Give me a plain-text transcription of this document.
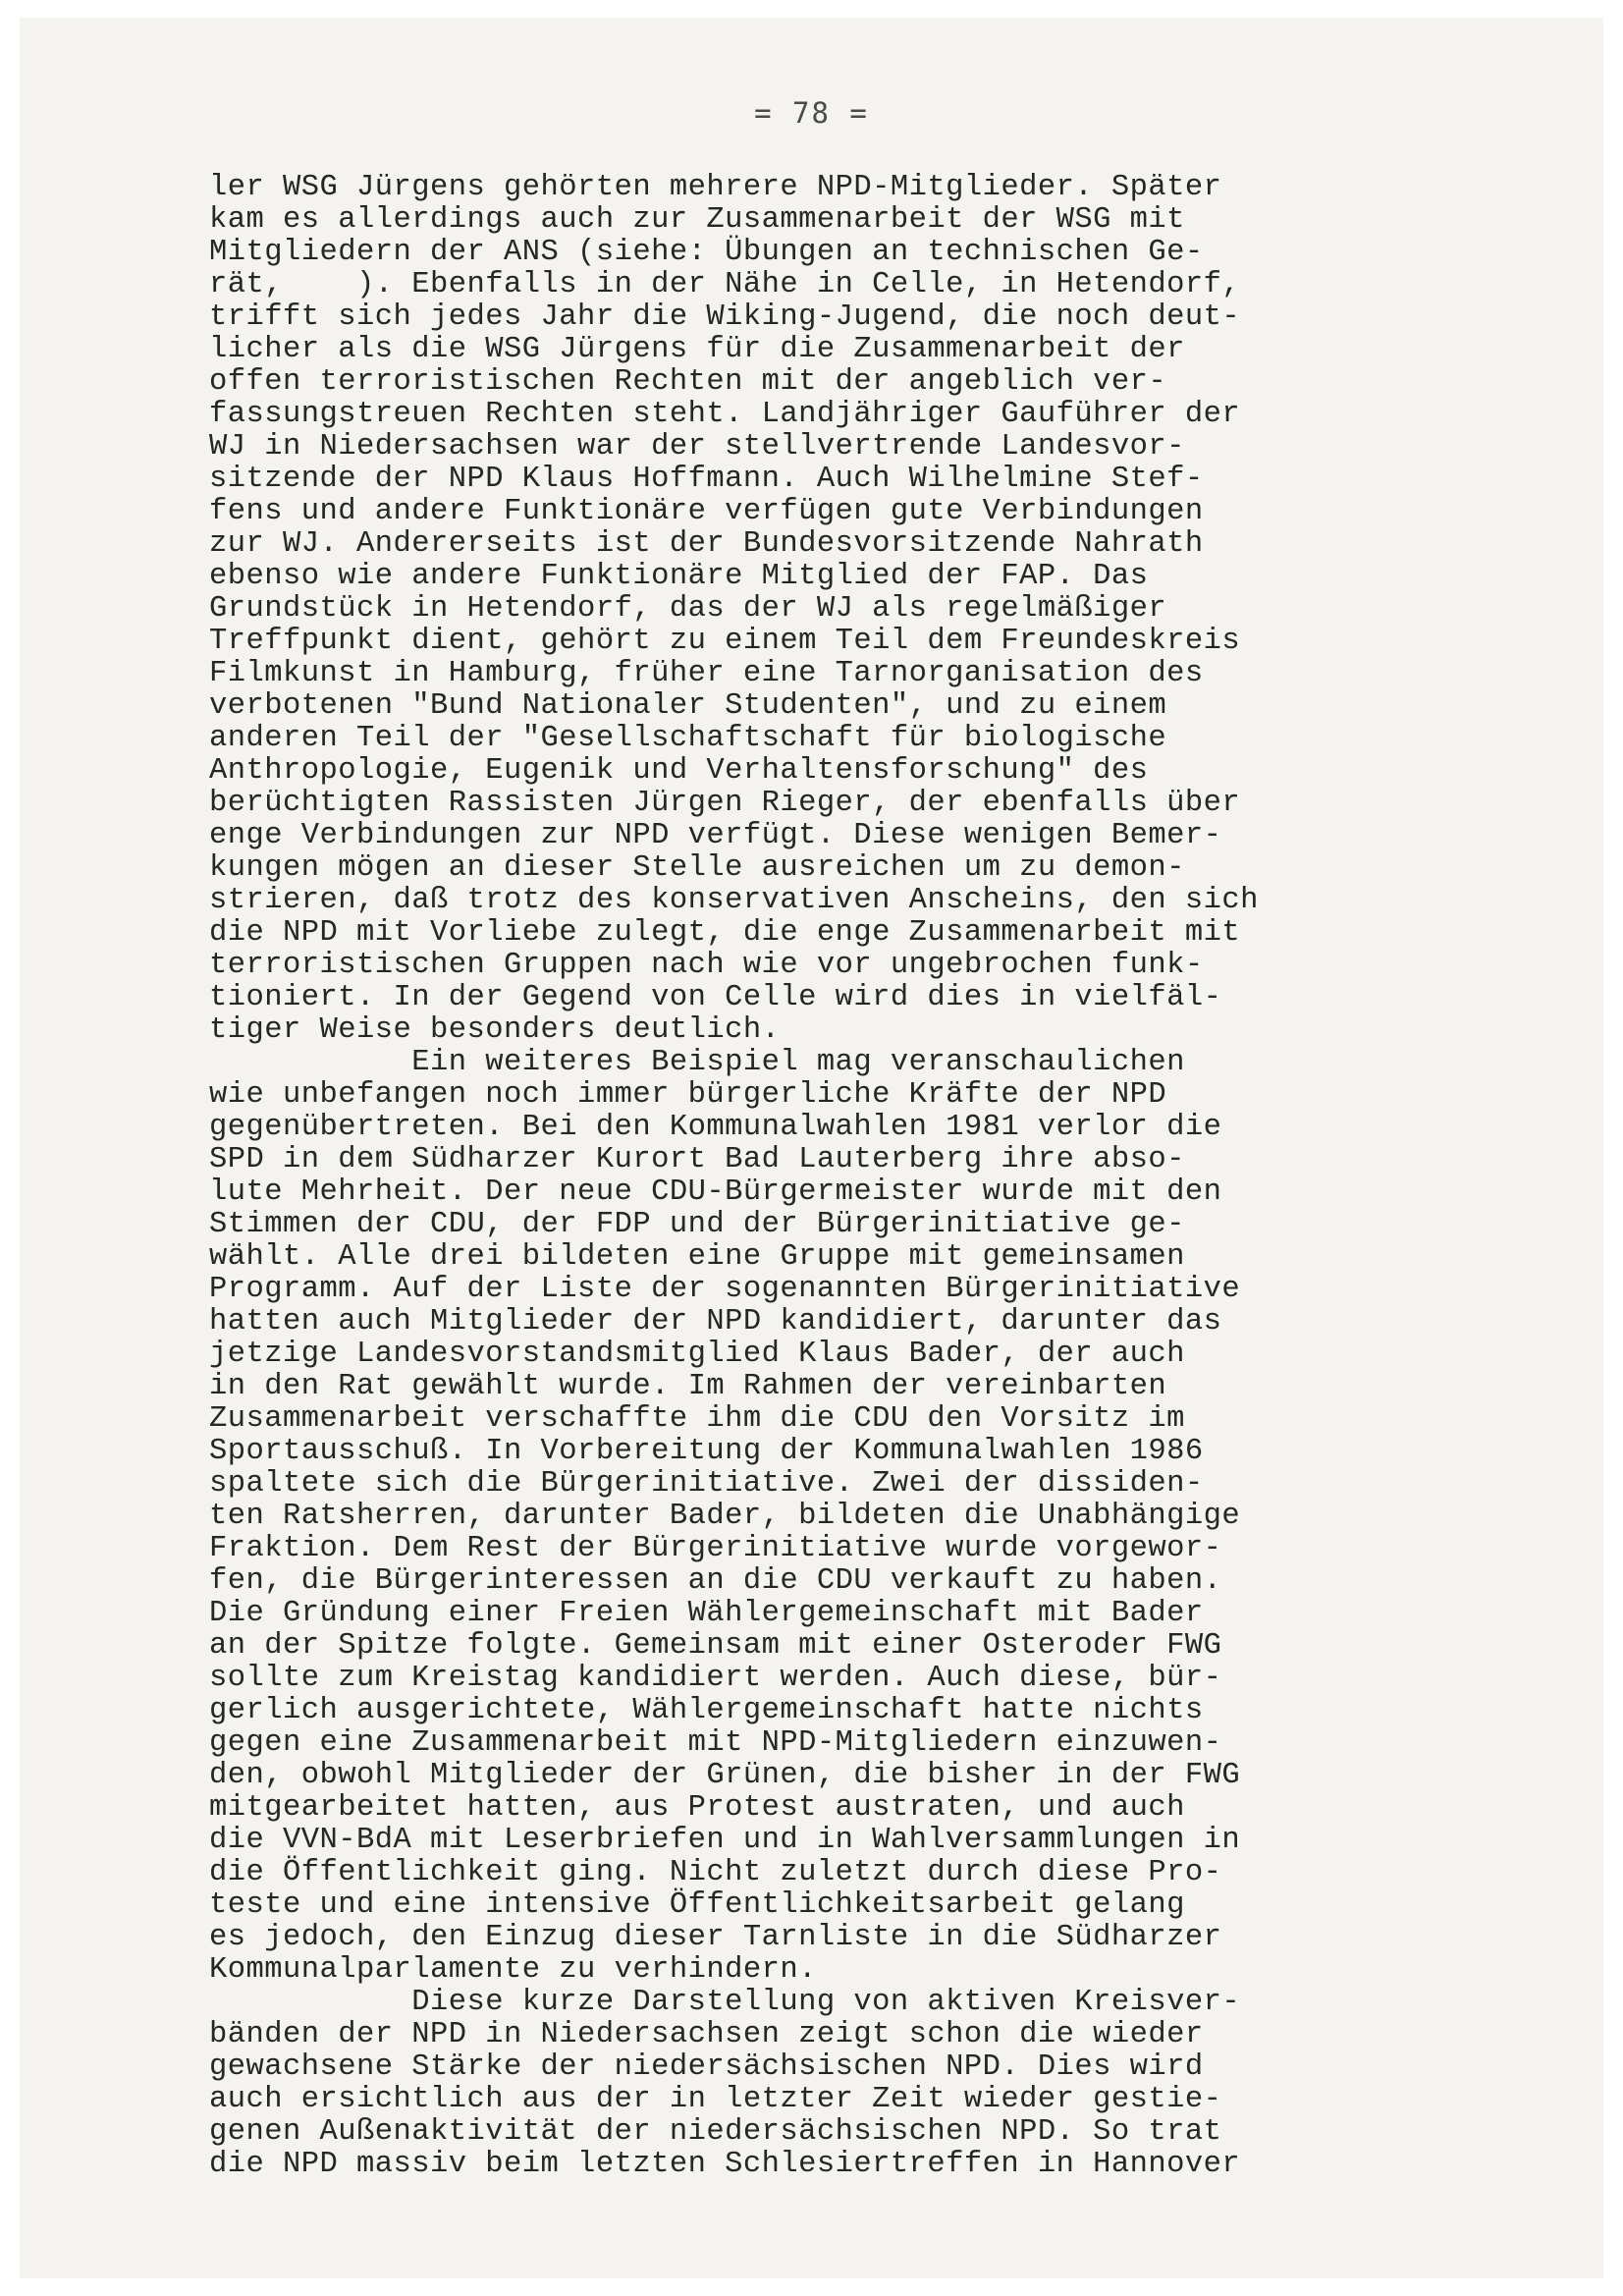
= 78 =
ler WSG Jürgens gehörten mehrere NPD-Mitglieder. Später
kam es allerdings auch zur Zusammenarbeit der WSG mit
Mitgliedern der ANS (siehe: Übungen an technischen Ge-
rät,    ). Ebenfalls in der Nähe in Celle, in Hetendorf,
trifft sich jedes Jahr die Wiking-Jugend, die noch deut-
licher als die WSG Jürgens für die Zusammenarbeit der
offen terroristischen Rechten mit der angeblich ver-
fassungstreuen Rechten steht. Landjähriger Gauführer der
WJ in Niedersachsen war der stellvertrende Landesvor-
sitzende der NPD Klaus Hoffmann. Auch Wilhelmine Stef-
fens und andere Funktionäre verfügen gute Verbindungen
zur WJ. Andererseits ist der Bundesvorsitzende Nahrath
ebenso wie andere Funktionäre Mitglied der FAP. Das
Grundstück in Hetendorf, das der WJ als regelmäßiger
Treffpunkt dient, gehört zu einem Teil dem Freundeskreis
Filmkunst in Hamburg, früher eine Tarnorganisation des
verbotenen "Bund Nationaler Studenten", und zu einem
anderen Teil der "Gesellschaftschaft für biologische
Anthropologie, Eugenik und Verhaltensforschung" des
berüchtigten Rassisten Jürgen Rieger, der ebenfalls über
enge Verbindungen zur NPD verfügt. Diese wenigen Bemer-
kungen mögen an dieser Stelle ausreichen um zu demon-
strieren, daß trotz des konservativen Anscheins, den sich
die NPD mit Vorliebe zulegt, die enge Zusammenarbeit mit
terroristischen Gruppen nach wie vor ungebrochen funk-
tioniert. In der Gegend von Celle wird dies in vielfäl-
tiger Weise besonders deutlich.
Ein weiteres Beispiel mag veranschaulichen
wie unbefangen noch immer bürgerliche Kräfte der NPD
gegenübertreten. Bei den Kommunalwahlen 1981 verlor die
SPD in dem Südharzer Kurort Bad Lauterberg ihre abso-
lute Mehrheit. Der neue CDU-Bürgermeister wurde mit den
Stimmen der CDU, der FDP und der Bürgerinitiative ge-
wählt. Alle drei bildeten eine Gruppe mit gemeinsamen
Programm. Auf der Liste der sogenannten Bürgerinitiative
hatten auch Mitglieder der NPD kandidiert, darunter das
jetzige Landesvorstandsmitglied Klaus Bader, der auch
in den Rat gewählt wurde. Im Rahmen der vereinbarten
Zusammenarbeit verschaffte ihm die CDU den Vorsitz im
Sportausschuß. In Vorbereitung der Kommunalwahlen 1986
spaltete sich die Bürgerinitiative. Zwei der dissiden-
ten Ratsherren, darunter Bader, bildeten die Unabhängige
Fraktion. Dem Rest der Bürgerinitiative wurde vorgewor-
fen, die Bürgerinteressen an die CDU verkauft zu haben.
Die Gründung einer Freien Wählergemeinschaft mit Bader
an der Spitze folgte. Gemeinsam mit einer Osteroder FWG
sollte zum Kreistag kandidiert werden. Auch diese, bür-
gerlich ausgerichtete, Wählergemeinschaft hatte nichts
gegen eine Zusammenarbeit mit NPD-Mitgliedern einzuwen-
den, obwohl Mitglieder der Grünen, die bisher in der FWG
mitgearbeitet hatten, aus Protest austraten, und auch
die VVN-BdA mit Leserbriefen und in Wahlversammlungen in
die Öffentlichkeit ging. Nicht zuletzt durch diese Pro-
teste und eine intensive Öffentlichkeitsarbeit gelang
es jedoch, den Einzug dieser Tarnliste in die Südharzer
Kommunalparlamente zu verhindern.
Diese kurze Darstellung von aktiven Kreisver-
bänden der NPD in Niedersachsen zeigt schon die wieder
gewachsene Stärke der niedersächsischen NPD. Dies wird
auch ersichtlich aus der in letzter Zeit wieder gestie-
genen Außenaktivität der niedersächsischen NPD. So trat
die NPD massiv beim letzten Schlesiertreffen in Hannover
